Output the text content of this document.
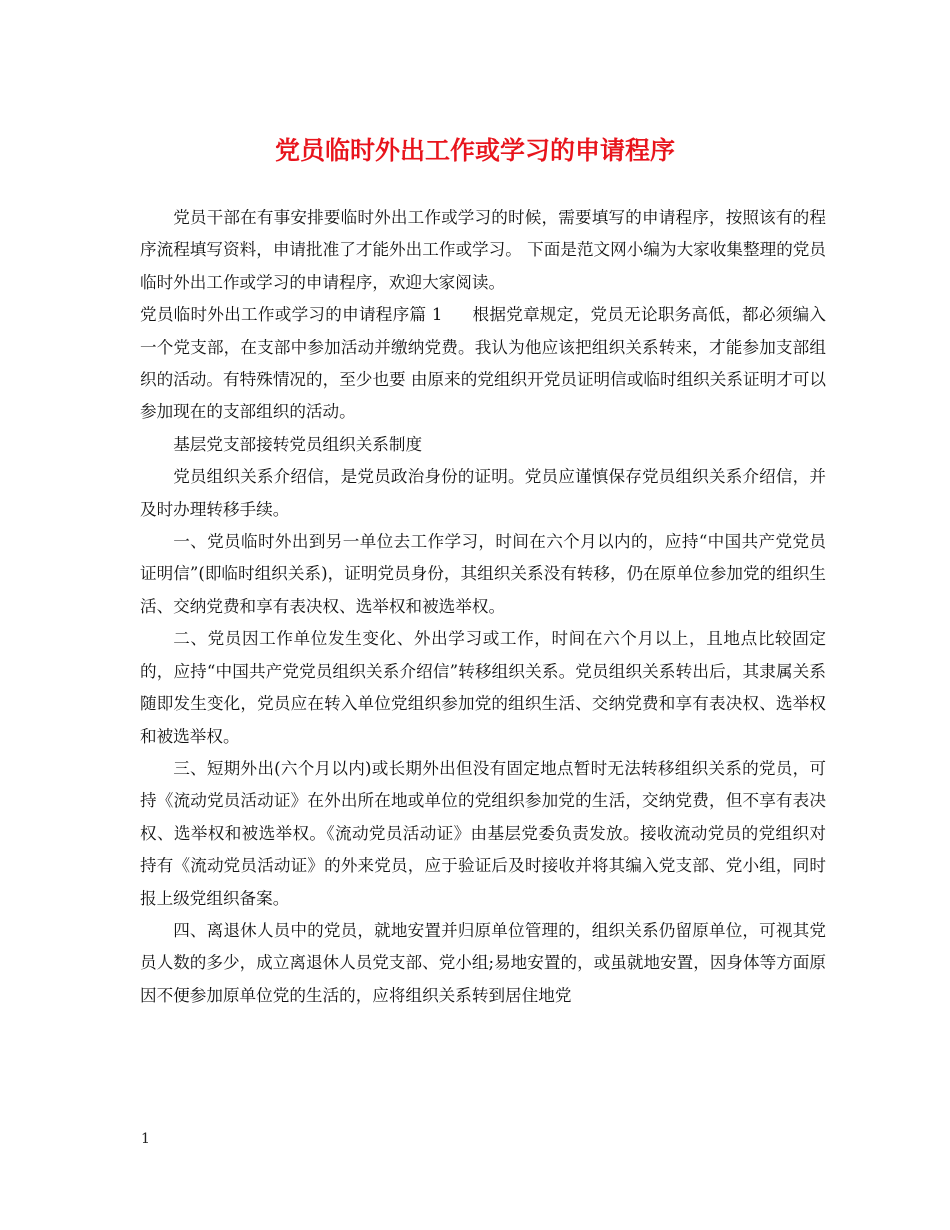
党员临时外出工作或学习的申请程序

党员干部在有事安排要临时外出工作或学习的时候，需要填写的申请程序，按照该有的程序流程填写资料，申请批准了才能外出工作或学习。 下面是范文网小编为大家收集整理的党员临时外出工作或学习的申请程序，欢迎大家阅读。

党员临时外出工作或学习的申请程序篇 1 根据党章规定，党员无论职务高低，都必须编入一个党支部，在支部中参加活动并缴纳党费。我认为他应该把组织关系转来，才能参加支部组织的活动。有特殊情况的，至少也要 由原来的党组织开党员证明信或临时组织关系证明才可以参加现在的支部组织的活动。

基层党支部接转党员组织关系制度

党员组织关系介绍信，是党员政治身份的证明。党员应谨慎保存党员组织关系介绍信，并及时办理转移手续。

一、党员临时外出到另一单位去工作学习，时间在六个月以内的，应持“中国共产党党员证明信”(即临时组织关系)，证明党员身份，其组织关系没有转移，仍在原单位参加党的组织生活、交纳党费和享有表决权、选举权和被选举权。

二、党员因工作单位发生变化、外出学习或工作，时间在六个月以上，且地点比较固定的，应持“中国共产党党员组织关系介绍信”转移组织关系。党员组织关系转出后，其隶属关系随即发生变化，党员应在转入单位党组织参加党的组织生活、交纳党费和享有表决权、选举权和被选举权。

三、短期外出(六个月以内)或长期外出但没有固定地点暂时无法转移组织关系的党员，可持《流动党员活动证》在外出所在地或单位的党组织参加党的生活，交纳党费，但不享有表决权、选举权和被选举权。《流动党员活动证》由基层党委负责发放。接收流动党员的党组织对持有《流动党员活动证》的外来党员，应于验证后及时接收并将其编入党支部、党小组，同时报上级党组织备案。

四、离退休人员中的党员，就地安置并归原单位管理的，组织关系仍留原单位，可视其党员人数的多少，成立离退休人员党支部、党小组;易地安置的，或虽就地安置，因身体等方面原因不便参加原单位党的生活的，应将组织关系转到居住地党

1
